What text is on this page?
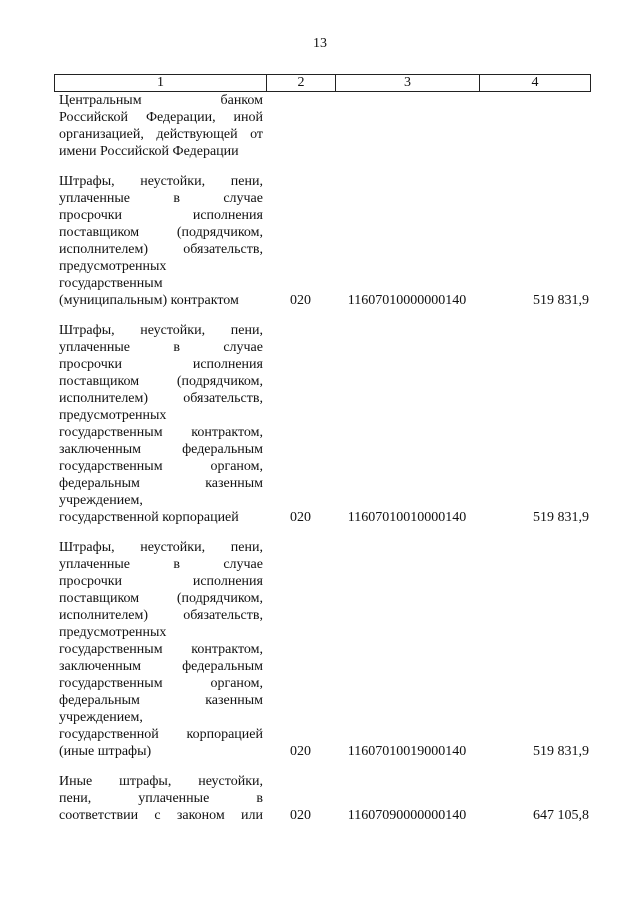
13
1	2	3	4
Центральным банком
Российской Федерации, иной
организацией, действующей от
имени Российской Федерации
Штрафы, неустойки, пени,
уплаченные в случае
просрочки исполнения
поставщиком (подрядчиком,
исполнителем) обязательств,
предусмотренных
государственным
(муниципальным) контрактом	020	11607010000000140	519 831,9
Штрафы, неустойки, пени,
уплаченные в случае
просрочки исполнения
поставщиком (подрядчиком,
исполнителем) обязательств,
предусмотренных
государственным контрактом,
заключенным федеральным
государственным органом,
федеральным казенным
учреждением,
государственной корпорацией	020	11607010010000140	519 831,9
Штрафы, неустойки, пени,
уплаченные в случае
просрочки исполнения
поставщиком (подрядчиком,
исполнителем) обязательств,
предусмотренных
государственным контрактом,
заключенным федеральным
государственным органом,
федеральным казенным
учреждением,
государственной корпорацией
(иные штрафы)	020	11607010019000140	519 831,9
Иные штрафы, неустойки,
пени, уплаченные в
соответствии с законом или	020	11607090000000140	647 105,8
